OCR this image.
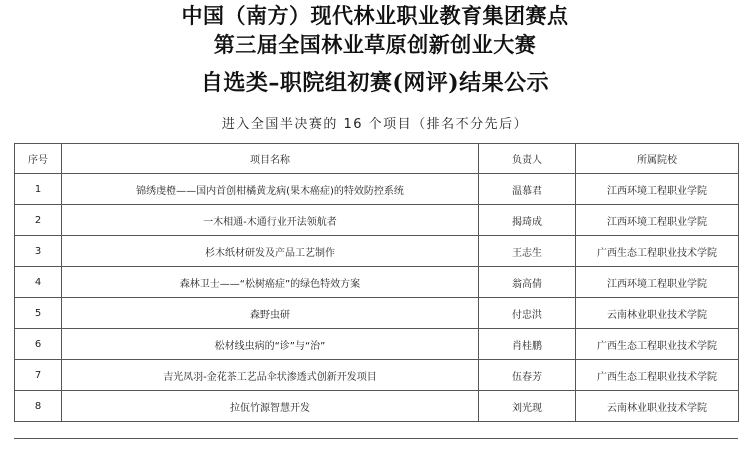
中国（南方）现代林业职业教育集团赛点
第三届全国林业草原创新创业大赛
自选类–职院组初赛(网评)结果公示
进入全国半决赛的 16 个项目（排名不分先后）
序号	项目名称	负责人	所属院校
1	锦绣虔橙——国内首创柑橘黄龙病(果木癌症)的特效防控系统	温慕君	江西环境工程职业学院
2	一木相通-木通行业开法领航者	揭琦成	江西环境工程职业学院
3	杉木纸材研发及产品工艺制作	王志生	广西生态工程职业技术学院
4	森林卫士——“松树癌症”的绿色特效方案	翁高倩	江西环境工程职业学院
5	森野虫研	付忠洪	云南林业职业技术学院
6	松材线虫病的“诊”与“治”	肖桂鹏	广西生态工程职业技术学院
7	吉光凤羽-金花茶工艺品伞状渗透式创新开发项目	伍春芳	广西生态工程职业技术学院
8	拉佤竹源智慧开发	刘光现	云南林业职业技术学院
